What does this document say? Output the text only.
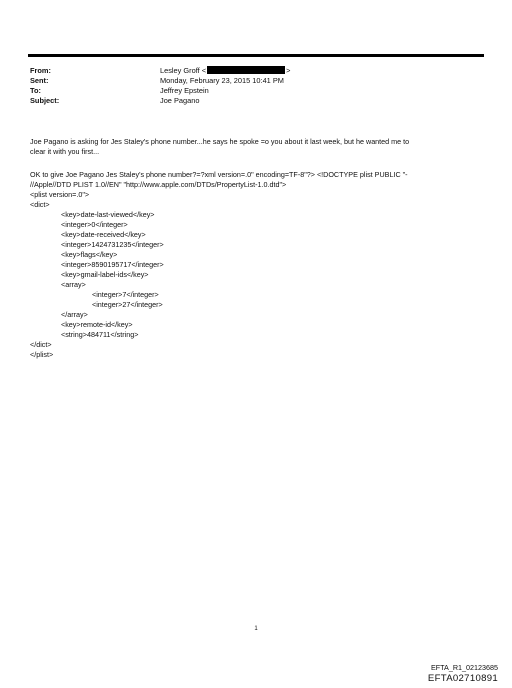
From:	Lesley Groff <	>
Sent:	Monday, February 23, 2015 10:41 PM
To:	Jeffrey Epstein
Subject:	Joe Pagano
Joe Pagano is asking for Jes Staley's phone number...he says he spoke =o you about it last week, but he wanted me to
clear it with you first...
OK to give Joe Pagano Jes Staley's phone number?=?xml version=.0" encoding=TF-8"?> <!DOCTYPE plist PUBLIC "-
//Apple//DTD PLIST 1.0//EN" "http://www.apple.com/DTDs/PropertyList-1.0.dtd">
<plist version=.0">
<dict>
<key>date-last-viewed</key>
<integer>0</integer>
<key>date-received</key>
<integer>1424731235</integer>
<key>flags</key>
<integer>8590195717</integer>
<key>gmail-label-ids</key>
<array>
<integer>7</integer>
<integer>27</integer>
</array>
<key>remote-id</key>
<string>484711</string>
</dict>
</plist>
1
EFTA_R1_02123685
EFTA02710891
